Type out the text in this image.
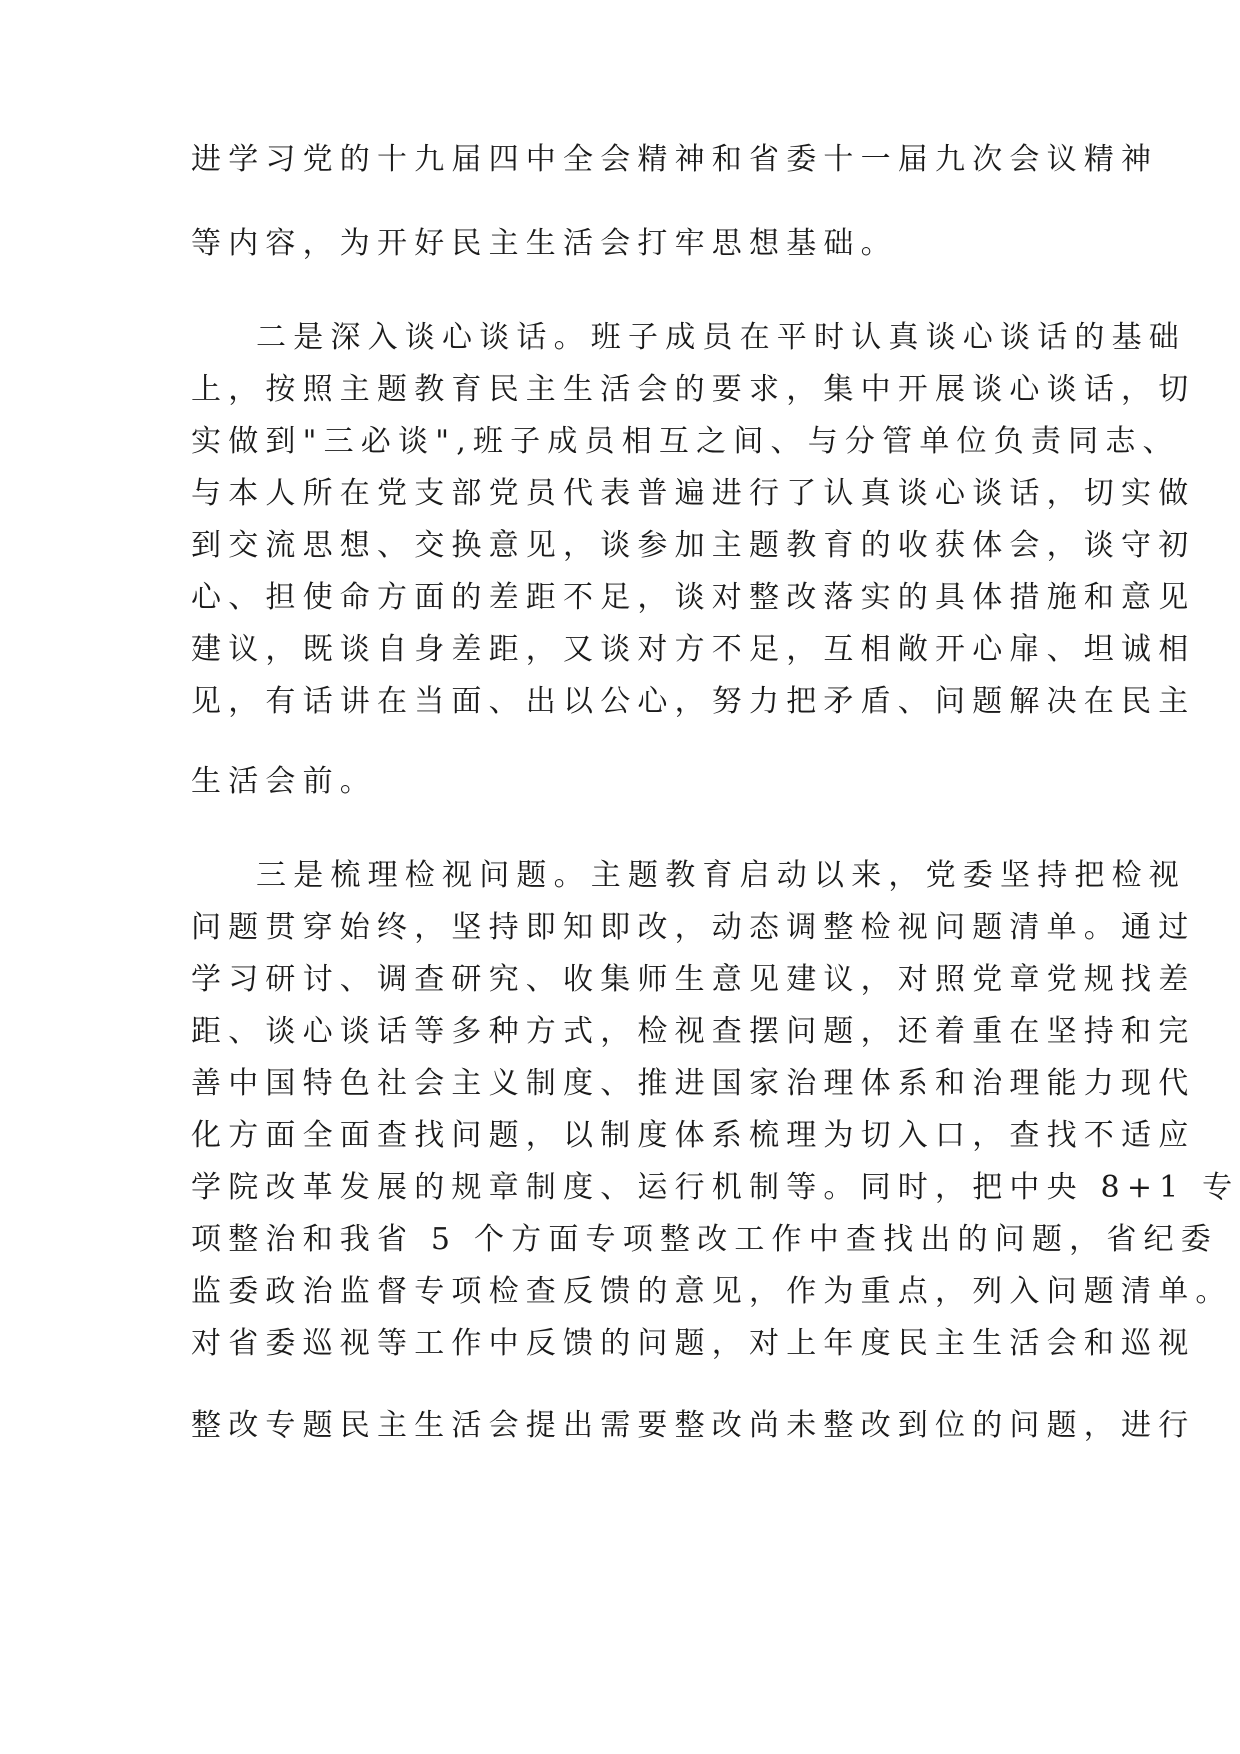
进学习党的十九届四中全会精神和省委十一届九次会议精神
等内容，为开好民主生活会打牢思想基础。
二是深入谈心谈话。班子成员在平时认真谈心谈话的基础
上，按照主题教育民主生活会的要求，集中开展谈心谈话，切
实做到"三必谈",班子成员相互之间、与分管单位负责同志、
与本人所在党支部党员代表普遍进行了认真谈心谈话，切实做
到交流思想、交换意见，谈参加主题教育的收获体会，谈守初
心、担使命方面的差距不足，谈对整改落实的具体措施和意见
建议，既谈自身差距，又谈对方不足，互相敞开心扉、坦诚相
见，有话讲在当面、出以公心，努力把矛盾、问题解决在民主
生活会前。
三是梳理检视问题。主题教育启动以来，党委坚持把检视
问题贯穿始终，坚持即知即改，动态调整检视问题清单。通过
学习研讨、调查研究、收集师生意见建议，对照党章党规找差
距、谈心谈话等多种方式，检视查摆问题，还着重在坚持和完
善中国特色社会主义制度、推进国家治理体系和治理能力现代
化方面全面查找问题，以制度体系梳理为切入口，查找不适应
学院改革发展的规章制度、运行机制等。同时，把中央 8+1 专
项整治和我省 5 个方面专项整改工作中查找出的问题，省纪委
监委政治监督专项检查反馈的意见，作为重点，列入问题清单。
对省委巡视等工作中反馈的问题，对上年度民主生活会和巡视
整改专题民主生活会提出需要整改尚未整改到位的问题，进行
